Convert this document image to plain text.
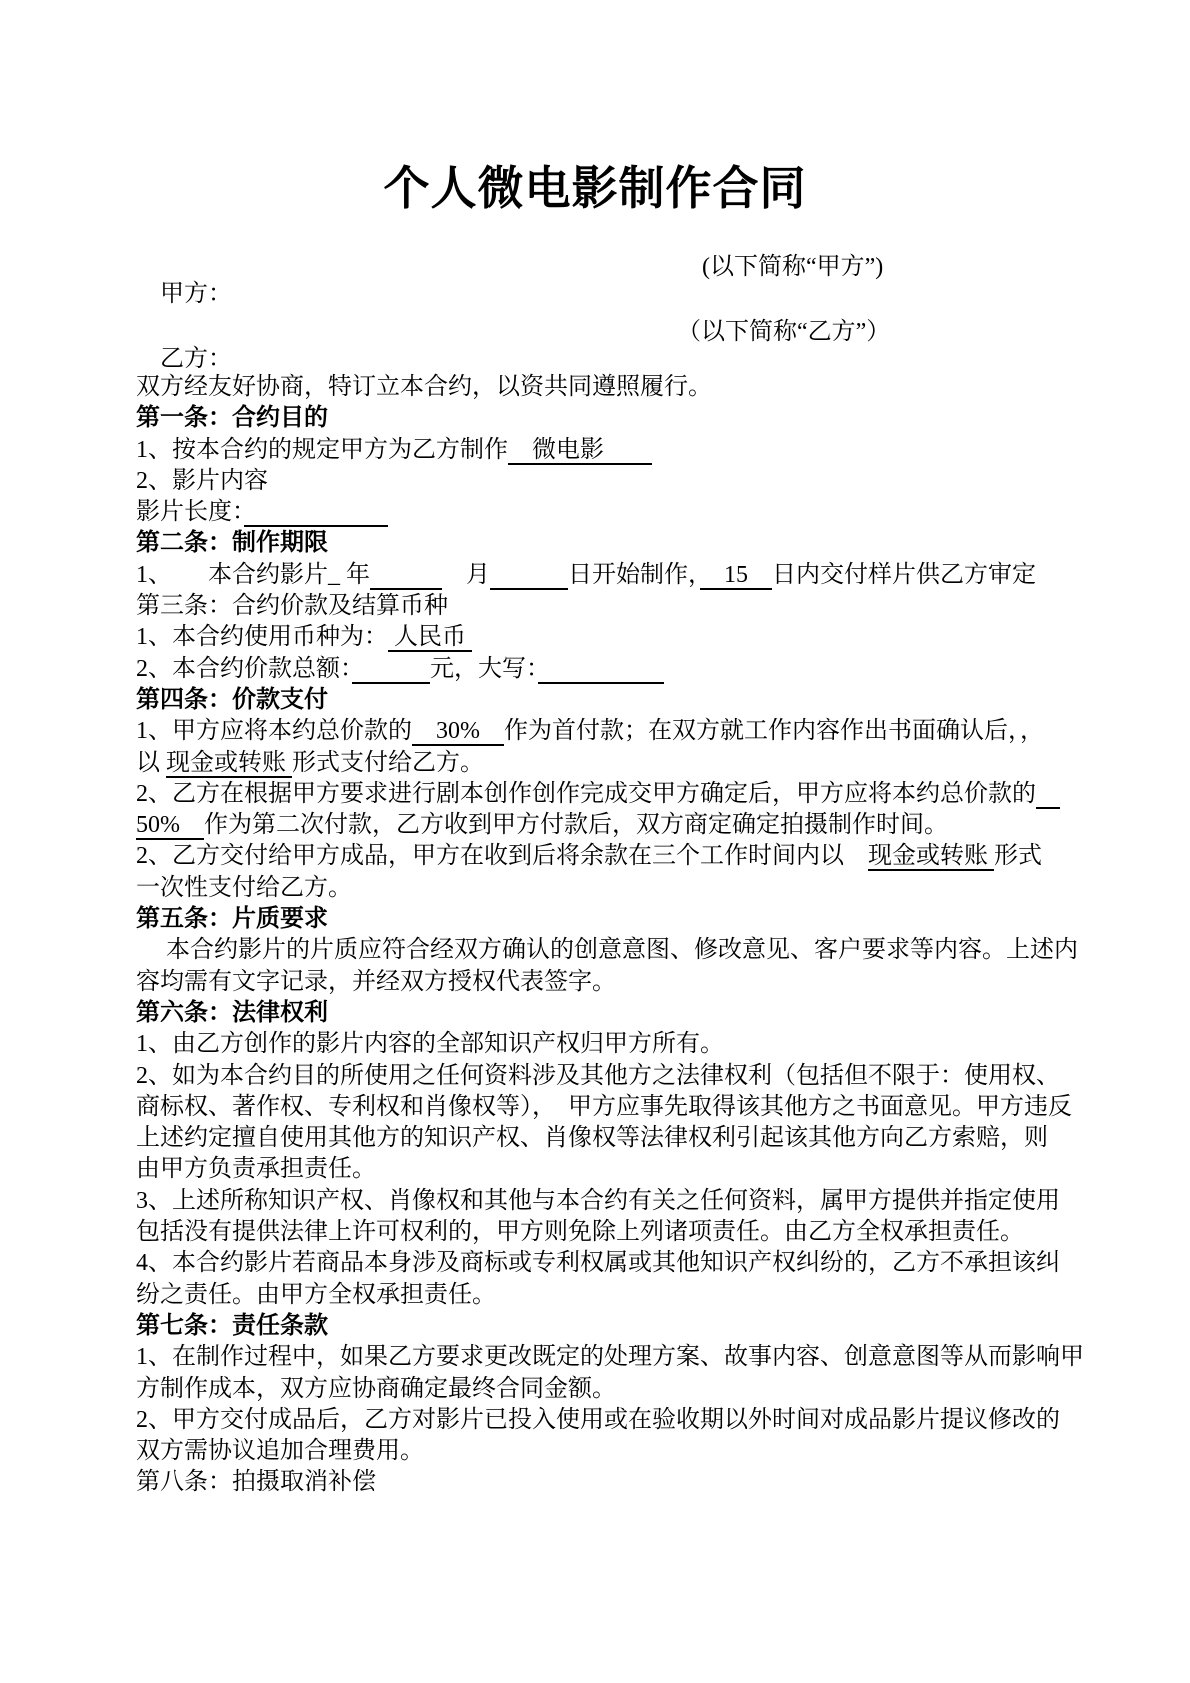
个人微电影制作合同

甲方：

(以下简称“甲方”)

乙方：

（以下简称“乙方”）

双方经友好协商，特订立本合约，以资共同遵照履行。
第一条：合约目的
1、按本合约的规定甲方为乙方制作　微电影　　
2、影片内容
影片长度：　　　　　　
第二条：制作期限
1、　　本合约影片_ 年　　　	　月　　　	日开始制作，　15　日内交付样片供乙方审定
第三条：合约价款及结算币种
1、本合约使用币种为： 人民币
2、本合约价款总额：　　　	元，大写：　　　　　
第四条：价款支付
1、甲方应将本约总价款的　30%　作为首付款；在双方就工作内容作出书面确认后，，
以 现金或转账 形式支付给乙方。
2、乙方在根据甲方要求进行剧本创作创作完成交甲方确定后，甲方应将本约总价款的　
50%　作为第二次付款，乙方收到甲方付款后，双方商定确定拍摄制作时间。
2、乙方交付给甲方成品，甲方在收到后将余款在三个工作时间内以　现金或转账 形式
一次性支付给乙方。
第五条：片质要求
　 本合约影片的片质应符合经双方确认的创意意图、修改意见、客户要求等内容。上述内
容均需有文字记录，并经双方授权代表签字。
第六条：法律权利
1、由乙方创作的影片内容的全部知识产权归甲方所有。
2、如为本合约目的所使用之任何资料涉及其他方之法律权利（包括但不限于：使用权、
商标权、著作权、专利权和肖像权等），　甲方应事先取得该其他方之书面意见。甲方违反
上述约定擅自使用其他方的知识产权、肖像权等法律权利引起该其他方向乙方索赔，则
由甲方负责承担责任。
3、上述所称知识产权、肖像权和其他与本合约有关之任何资料，属甲方提供并指定使用
包括没有提供法律上许可权利的，甲方则免除上列诸项责任。由乙方全权承担责任。
4、本合约影片若商品本身涉及商标或专利权属或其他知识产权纠纷的，乙方不承担该纠
纷之责任。由甲方全权承担责任。
第七条：责任条款
1、在制作过程中，如果乙方要求更改既定的处理方案、故事内容、创意意图等从而影响甲
方制作成本，双方应协商确定最终合同金额。
2、甲方交付成品后，乙方对影片已投入使用或在验收期以外时间对成品影片提议修改的
双方需协议追加合理费用。
第八条：拍摄取消补偿
